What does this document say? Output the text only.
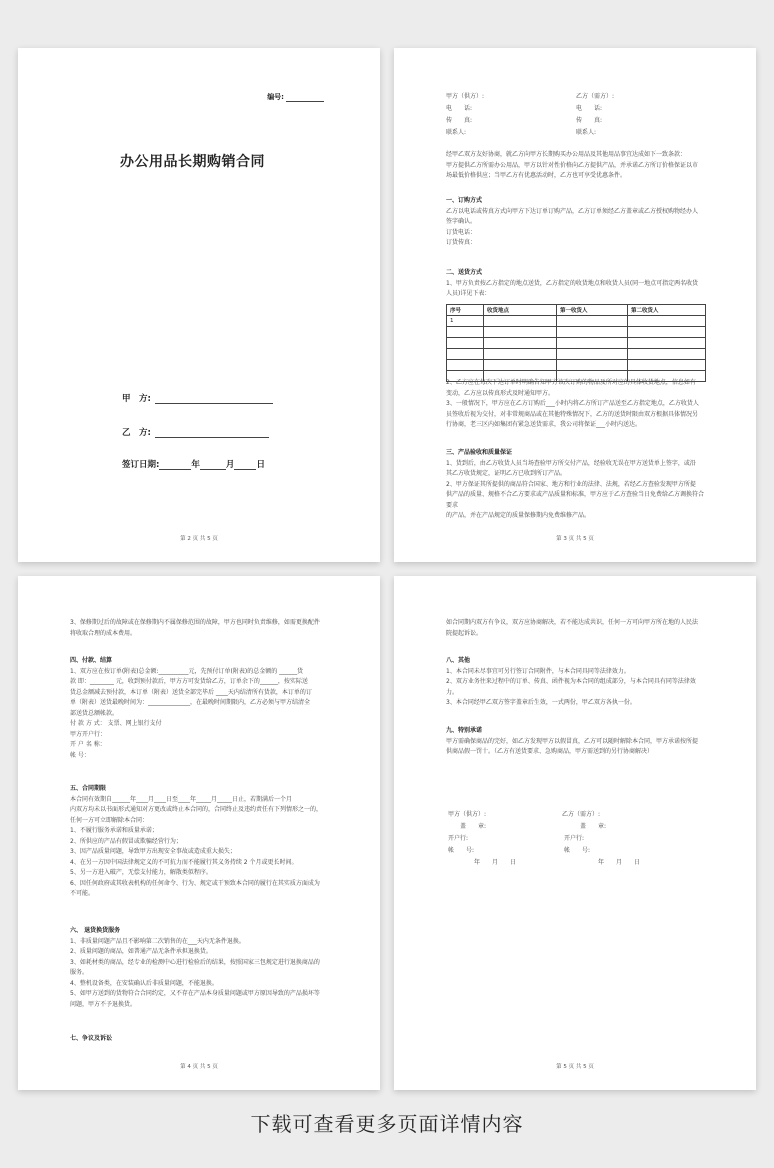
编号:
办公用品长期购销合同
甲　方:
乙　方:
签订日期:	年	月	日
第 2 页 共 5 页
甲方（供方）:	乙方（需方）:
电　　话:	电　　话:
传　　真:	传　　真:
联系人:	联系人:
经甲乙双方友好协商，就乙方向甲方长期购买办公用品及其他用品事宜达成如下一致条款：
甲方提供乙方所需办公用品，甲方以针对性价格向乙方提供产品，并承诺乙方所订价格保证以市
场最低价格供应；当甲乙方有优惠活动时，乙方也可享受优惠条件。
一、订购方式
乙方以电话或传真方式向甲方下达订单订购产品，乙方订单须经乙方盖章或乙方授权购物经办人
签字确认。
订货电话：
订货传真：
二、送货方式
1、甲方负责按乙方指定的地点送货，乙方指定的收货地点和收货人员(同一地点可指定两名收货
人员)详见下表：
序号	收货地点	第一收货人	第二收货人
1			

2、乙方应在每次下达订单时明确告知甲方该次订购的物品及所对应的具体收货地点，信息如有
变动，乙方应以传真形式及时通知甲方。
3、一般情况下，甲方应在乙方订购后___小时内将乙方所订产品送至乙方指定地点，乙方收货人
员签收后视为交付，对非常规商品或在其他特殊情况下，乙方的送货时限由双方根据具体情况另
行协商，老三区内如集团有紧急送货需求，我公司将保证___小时内送达。
三、产品验收和质量保证
1、货到后，由乙方收货人员当场查验甲方所交付产品，经验收无误在甲方送货单上签字，或沿
其乙方收货规定，证明乙方已收到所订产品。
2、甲方保证其所提供的商品符合国家、地方和行业的法律、法规，若经乙方查验发现甲方所提
供产品的质量、规格不合乙方要求或产品质量和标准，甲方应于乙方查验当日免费给乙方调换符合要求
的产品，并在产品规定的质量保修期内免费维修产品。
第 3 页 共 5 页
3、保修期过后的故障或在保修期内不属保修范围的故障，甲方也同时负责维修，如需更换配件
将收取合理的成本费用。
四、付款、结算
1、双方应在按订单(附表)总金额:__________元，先预付订单(附表)的总金额的 ______货
款 即：________ 元，收到预付款后，甲方方可发货给乙方，订单余下的______，按实际送
货总金额减去预付款，本订单（附表）送货全部完毕后 ____天内结清所有货款，本订单的订
单（附表）送货最晚时间为：______________，在最晚时间期限内，乙方必须与甲方结清全
部送货总额帐款。
付 款 方 式： 支票、网上银行支付
甲方开户行：
开 户 名 称：
帐 号：
五、合同期限
本合同有效期自______年____月____日至____年_____月_____日止，若期满后一个月
内双方均未以书面形式通知对方更改或终止本合同的，合同终止及违约责任有下列情形之一的，
任何一方可立即解除本合同：
1、不履行服务承诺和质量承诺；
2、所供应的产品有假冒或欺骗经营行为；
3、因产品质量问题，导致甲方出现安全事故或造成重大损失；
4、在另一方因中国法律规定义的不可抗力而不能履行其义务持续 2 个月或更长时间。
5、另一方进入破产，无偿支付能力，解散类似程序。
6、因任何政府或其收表机构的任何命令、行为、规定或干预致本合同的履行在其实质方面成为
不可能。
六、 退货换货服务
1、非质量问题产品且不影响第二次销售的在___天内无条件退换。
2、质量问题的商品，如普通产品无条件承担退换货。
3、如耗材类的商品，经专业的检测中心进行检验后的结果，按照国家三包规定进行退换商品的
服务。
4、整机设备类，在安装确认后非质量问题，不能退换。
5、如甲方送到的货物符合合同约定，又不存在产品本身质量问题或甲方原因导致的产品损坏等
问题，甲方不予退换货。
七、争议及诉讼
第 4 页 共 5 页
如合同期内双方有争议，双方应协商解决，若不能达成共识，任何一方可向甲方所在地的人民法
院提起诉讼。
八、其他
1、本合同未尽事宜可另行签订合同附件，与本合同具同等法律效力。
2、双方业务往来过程中的订单、传真、函件视为本合同的组成部分，与本合同具有同等法律效
力。
3、本合同经甲乙双方签字盖章后生效，一式两份，甲乙双方各执一份。
九、特别承诺
甲方需确保商品的完好，如乙方发现甲方以假冒真，乙方可以随时解除本合同，甲方承诺按所提
供商品假一罚十。（乙方有送货要求、急购商品，甲方需送到的另行协商解决）
甲方（供方）:	乙方（需方）:
盖　　章:	盖　　章:
开户行:	开户行:
帐　　号:	帐　　号:
年　　月　　日	年　　月　　日
第 5 页 共 5 页
下载可查看更多页面详情内容
